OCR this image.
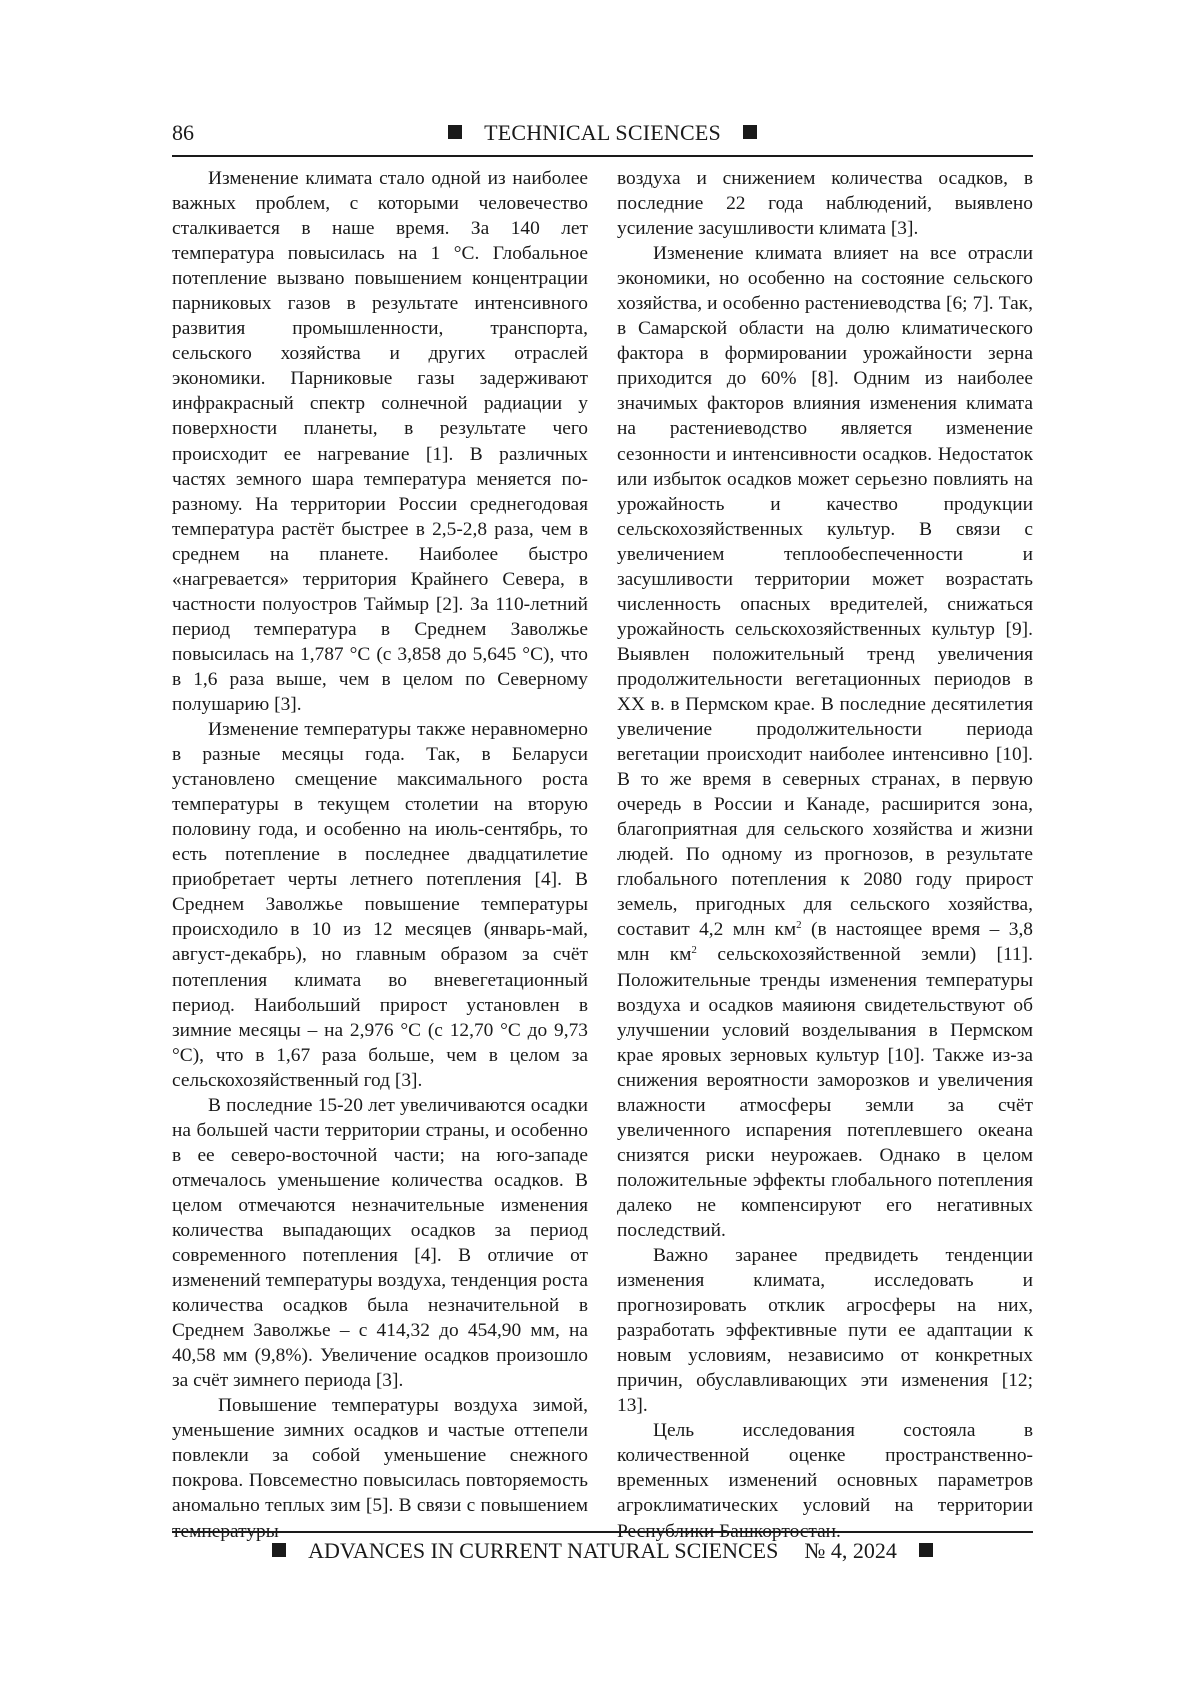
86	TECHNICAL SCIENCES

Изменение климата стало одной из наиболее важных проблем, с которыми человечество сталкивается в наше время. За 140 лет температура повысилась на 1 °С. Глобальное потепление вызвано повышением концентрации парниковых газов в результате интенсивного развития промышленности, транспорта, сельского хозяйства и других отраслей экономики. Парниковые газы задерживают инфракрасный спектр солнечной радиации у поверхности планеты, в результате чего происходит ее нагревание [1]. В различных частях земного шара температура меняется по-разному. На территории России среднегодовая температура растёт быстрее в 2,5-2,8 раза, чем в среднем на планете. Наиболее быстро «нагревается» территория Крайнего Севера, в частности полуостров Таймыр [2]. За 110-летний период температура в Среднем Заволжье повысилась на 1,787 °С (с 3,858 до 5,645 °С), что в 1,6 раза выше, чем в целом по Северному полушарию [3].

Изменение температуры также неравномерно в разные месяцы года. Так, в Беларуси установлено смещение максимального роста температуры в текущем столетии на вторую половину года, и особенно на июль-сентябрь, то есть потепление в последнее двадцатилетие приобретает черты летнего потепления [4]. В Среднем Заволжье повышение температуры происходило в 10 из 12 месяцев (январь-май, август-декабрь), но главным образом за счёт потепления климата во вневегетационный период. Наибольший прирост установлен в зимние месяцы – на 2,976 °С (с 12,70 °С до 9,73 °С), что в 1,67 раза больше, чем в целом за сельскохозяйственный год [3].

В последние 15-20 лет увеличиваются осадки на большей части территории страны, и особенно в ее северо-восточной части; на юго-западе отмечалось уменьшение количества осадков. В целом отмечаются незначительные изменения количества выпадающих осадков за период современного потепления [4]. В отличие от изменений температуры воздуха, тенденция роста количества осадков была незначительной в Среднем Заволжье – с 414,32 до 454,90 мм, на 40,58 мм (9,8%). Увеличение осадков произошло за счёт зимнего периода [3].

Повышение температуры воздуха зимой, уменьшение зимних осадков и частые оттепели повлекли за собой уменьшение снежного покрова. Повсеместно повысилась повторяемость аномально теплых зим [5]. В связи с повышением

воздуха и снижением количества осадков, в последние 22 года наблюдений, выявлено усиление засушливости климата [3].

Изменение климата влияет на все отрасли экономики, но особенно на состояние сельского хозяйства, и особенно растениеводства [6; 7]. Так, в Самарской области на долю климатического фактора в формировании урожайности зерна приходится до 60% [8]. Одним из наиболее значимых факторов влияния изменения климата на растениеводство является изменение сезонности и интенсивности осадков. Недостаток или избыток осадков может серьезно повлиять на урожайность и качество продукции сельскохозяйственных культур. В связи с увеличением теплообеспеченности и засушливости территории может возрастать численность опасных вредителей, снижаться урожайность сельскохозяйственных культур [9]. Выявлен положительный тренд увеличения продолжительности вегетационных периодов в XX в. в Пермском крае. В последние десятилетия увеличение продолжительности периода вегетации происходит наиболее интенсивно [10]. В то же время в северных странах, в первую очередь в России и Канаде, расширится зона, благоприятная для сельского хозяйства и жизни людей. По одному из прогнозов, в результате глобального потепления к 2080 году прирост земель, пригодных для сельского хозяйства, составит 4,2 млн км2 (в настоящее время – 3,8 млн км2 сельскохозяйственной земли) [11]. Положительные тренды изменения температуры воздуха и осадков маяиюня свидетельствуют об улучшении условий возделывания в Пермском крае яровых зерновых культур [10]. Также из-за снижения вероятности заморозков и увеличения влажности атмосферы земли за счёт увеличенного испарения потеплевшего океана снизятся риски неурожаев. Однако в целом положительные эффекты глобального потепления далеко не компенсируют его негативных последствий.

Важно заранее предвидеть тенденции изменения климата, исследовать и прогнозировать отклик агросферы на них, разработать эффективные пути ее адаптации к новым условиям, независимо от конкретных причин, обуславливающих эти изменения [12; 13].

Цель исследования состояла в количественной оценке пространственно-временных изменений основных параметров агроклиматических условий на территории

ADVANCES IN CURRENT NATURAL SCIENCES № 4, 2024
